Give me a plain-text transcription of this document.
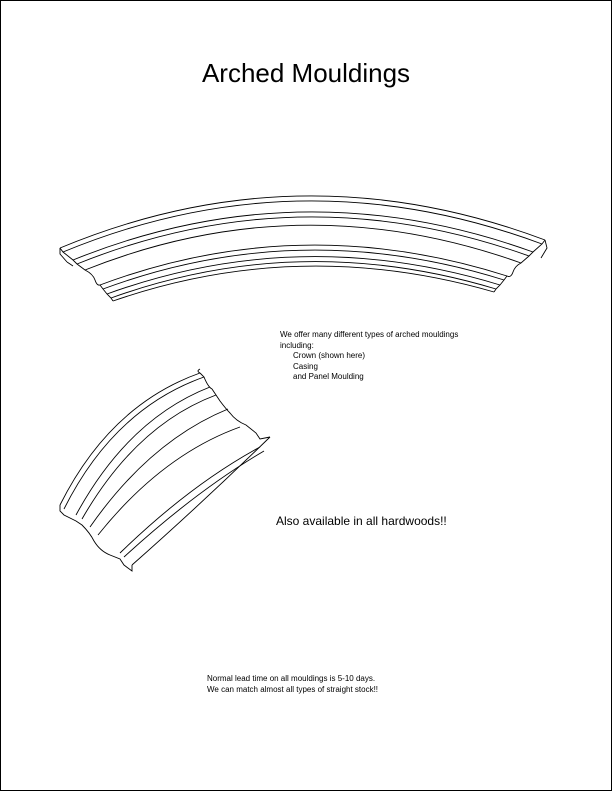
Arched Mouldings
We offer many different types of arched mouldings
including:
Crown (shown here)
Casing
and Panel Moulding
Also available in all hardwoods!!
Normal lead time on all mouldings is 5-10 days.
We can match almost all types of straight stock!!
